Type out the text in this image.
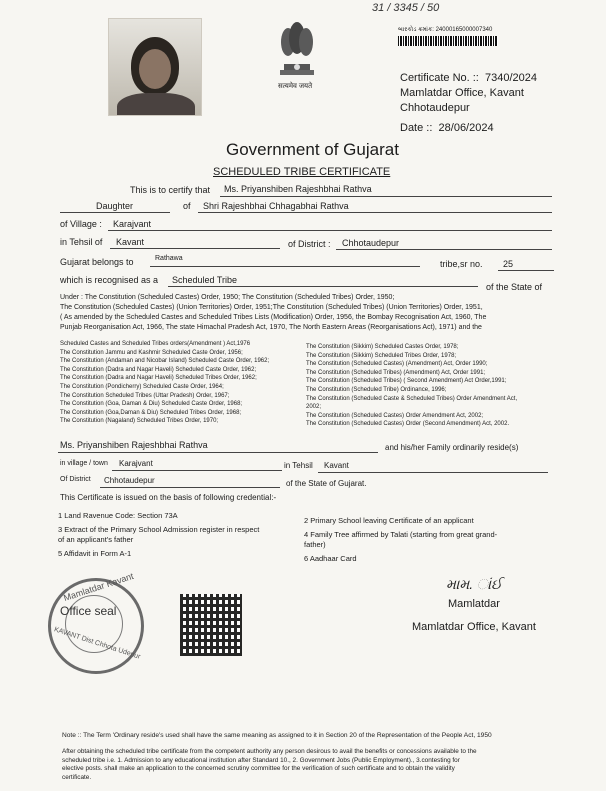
31 / 3345 / 50
सत्यमेव जयते
બારકોડ ક્રમાંક: 24000165000007340
Certificate No. :: 7340/2024
Mamlatdar Office, Kavant
Chhotaudepur
Date :: 28/06/2024
Government of Gujarat
SCHEDULED TRIBE CERTIFICATE
This is to certify that Ms. Priyanshiben Rajeshbhai Rathva
Daughter	of Shri Rajeshbhai Chhagabhai Rathva
of Village : Karajvant
in Tehsil of Kavant	of District : Chhotaudepur
Gujarat belongs to	Rathawa
tribe,sr no. 25
which is recognised as a Scheduled Tribe
of the State of
Under : The Constitution (Scheduled Castes) Order, 1950; The Constitution (Scheduled Tribes) Order, 1950;
The Constitution (Scheduled Castes) (Union Territories) Order, 1951;The Constitution (Scheduled Tribes) (Union Territories) Order, 1951,
( As amended by the Scheduled Castes and Scheduled Tribes Lists (Modification) Order, 1956, the Bombay Recognisation Act, 1960, The
Punjab Reorganisation Act, 1966, The state Himachal Pradesh Act, 1970, The North Eastern Areas (Reorganisations Act), 1971) and the
Scheduled Castes and Scheduled Tribes orders(Amendment ) Act,1976
The Constitution Jammu and Kashmir Scheduled Caste Order, 1956;
The Constitution (Andaman and Nicobar Island) Scheduled Caste Order, 1962;
The Constitution (Dadra and Nagar Haveli) Scheduled Caste Order, 1962;
The Constitution (Dadra and Nagar Haveli) Scheduled Tribes Order, 1962;
The Constitution (Pondicherry) Scheduled Caste Order, 1964;
The Constitution Scheduled Tribes (Uttar Pradesh) Order, 1967;
The Constitution (Goa, Daman & Diu) Scheduled Caste Order, 1968;
The Constitution (Goa,Daman & Diu) Scheduled Tribes Order, 1968;
The Constitution (Nagaland) Scheduled Tribes Order, 1970;
The Constitution (Sikkim) Scheduled Castes Order, 1978;
The Constitution (Sikkim) Scheduled Tribes Order, 1978;
The Constitution (Scheduled Castes) (Amendment) Act, Order 1990;
The Constitution (Scheduled Tribes) (Amendment) Act, Order 1991;
The Constitution (Scheduled Tribes) ( Second Amendment) Act Order,1991;
The Constitution (Scheduled Tribe) Ordinance, 1996;
The Constitution (Scheduled Caste & Scheduled Tribes) Order Amendment Act,
2002;
The Constitution (Scheduled Castes) Order Amendment Act, 2002;
The Constitution (Scheduled Castes) Order (Second Amendment) Act, 2002.
Ms. Priyanshiben Rajeshbhai Rathva	and his/her Family ordinarily reside(s)
in village / town Karajvant	in Tehsil Kavant
Of District Chhotaudepur	of the State of Gujarat.
This Certificate is issued on the basis of following credential:-
1 Land Ravenue Code: Section 73A
3 Extract of the Primary School Admission register in respect
of an applicant's father
5 Affidavit in Form A-1
2 Primary School leaving Certificate of an applicant
4 Family Tree affirmed by Talati (starting from great grand-
father)
6 Aadhaar Card
Mamlatdar Kavant
Office seal
KAVANT Dist Chhota Udepur
મામ. ાંઈ
Mamlatdar
Mamlatdar Office, Kavant
Note :: The Term 'Ordinary reside's used shall have the same meaning as assigned to it in Section 20 of the Representation of the People Act, 1950
After obtaining the scheduled tribe certificate from the competent authority any person desirous to avail the benefits or concessions available to the
scheduled tribe i.e. 1. Admission to any educational institution after Standard 10., 2. Government Jobs (Public Employment)., 3.contesting for
elective posts. shall make an application to the concerned scrutiny committee for the verification of such certificate and to obtain the validity
certificate.
